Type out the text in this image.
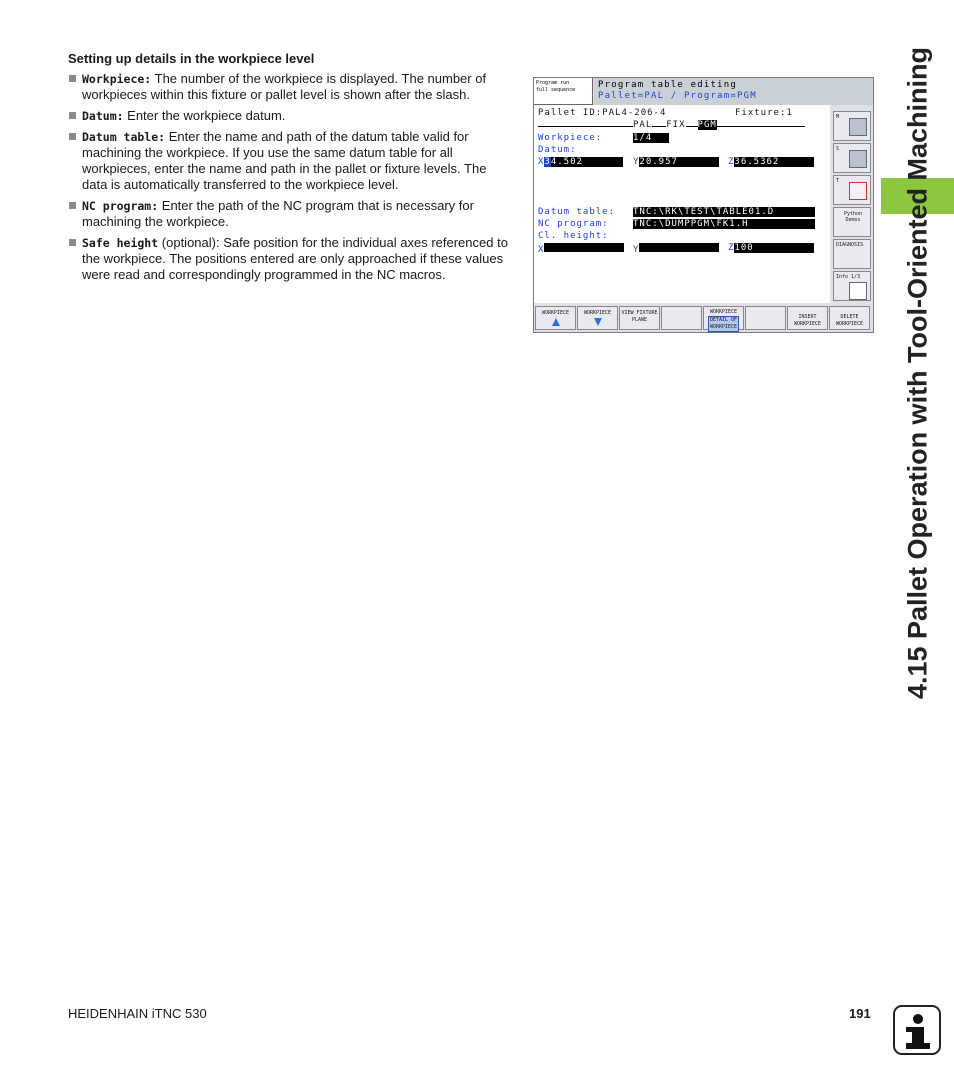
Setting up details in the workpiece level
Workpiece: The number of the workpiece is displayed. The number of workpieces within this fixture or pallet level is shown after the slash.
Datum: Enter the workpiece datum.
Datum table: Enter the name and path of the datum table valid for machining the workpiece. If you use the same datum table for all workpieces, enter the name and path in the pallet or fixture levels. The data is automatically transferred to the workpiece level.
NC program: Enter the path of the NC program that is necessary for machining the workpiece.
Safe height (optional): Safe position for the individual axes referenced to the workpiece. The positions entered are only approached if these values were read and correspondingly programmed in the NC macros.
Program run
full sequence	Program table editing
Pallet=PAL / Program=PGM
Pallet ID:PAL4-206-4	Fixture:1
PAL FIX PGM
Workpiece:	1/4
Datum:
X34.502	Y20.957	Z36.5362
Datum table: TNC:\RK\TEST\TABLE01.D
NC program:	TNC:\DUMPPGM\FK1.H
Cl. height:
X	Y	Z100
M
S
T
Python Demos
DIAGNOSIS
Info 1/3
WORKPIECE	WORKPIECE	VIEW FIXTURE PLANE
WORKPIECE
DETAIL OF
WORKPIECE
INSERT
WORKPIECE
DELETE
WORKPIECE 4.15 Pallet Operation with Tool-Oriented Machining
HEIDENHAIN iTNC 530	191
